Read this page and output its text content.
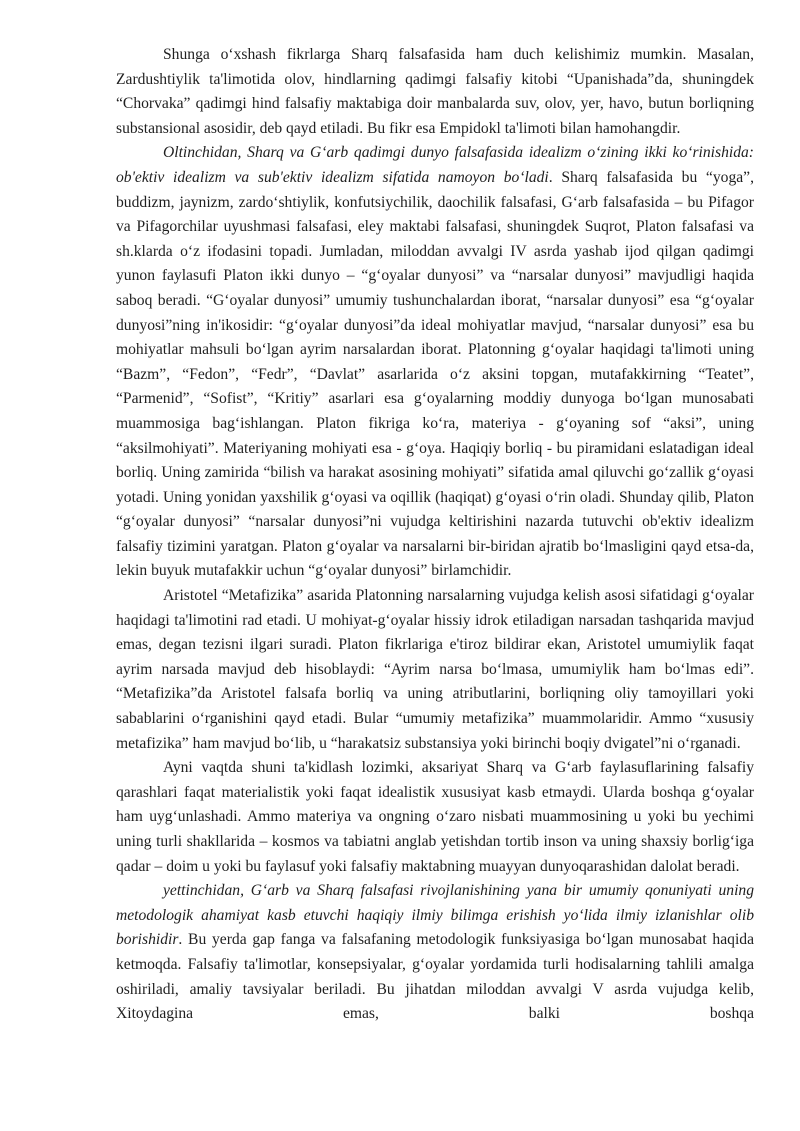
Shunga o‘xshash fikrlarga Sharq falsafasida ham duch kelishimiz mumkin. Masalan, Zardushtiylik ta'limotida olov, hindlarning qadimgi falsafiy kitobi “Upanishada”da, shuningdek “Chorvaka” qadimgi hind falsafiy maktabiga doir manbalarda suv, olov, yer, havo, butun borliqning substansional asosidir, deb qayd etiladi. Bu fikr esa Empidokl ta'limoti bilan hamohangdir.

Oltinchidan, Sharq va G‘arb qadimgi dunyo falsafasida idealizm o‘zining ikki ko‘rinishida: ob'ektiv idealizm va sub'ektiv idealizm sifatida namoyon bo‘ladi. Sharq falsafasida bu “yoga”, buddizm, jaynizm, zardo‘shtiylik, konfutsiychilik, daochilik falsafasi, G‘arb falsafasida – bu Pifagor va Pifagorchilar uyushmasi falsafasi, eley maktabi falsafasi, shuningdek Suqrot, Platon falsafasi va sh.klarda o‘z ifodasini topadi. Jumladan, miloddan avvalgi IV asrda yashab ijod qilgan qadimgi yunon faylasufi Platon ikki dunyo – “g‘oyalar dunyosi” va “narsalar dunyosi” mavjudligi haqida saboq beradi. “G‘oyalar dunyosi” umumiy tushunchalardan iborat, “narsalar dunyosi” esa “g‘oyalar dunyosi”ning in'ikosidir: “g‘oyalar dunyosi”da ideal mohiyatlar mavjud, “narsalar dunyosi” esa bu mohiyatlar mahsuli bo‘lgan ayrim narsalardan iborat. Platonning g‘oyalar haqidagi ta'limoti uning “Bazm”, “Fedon”, “Fedr”, “Davlat” asarlarida o‘z aksini topgan, mutafakkirning “Teatet”, “Parmenid”, “Sofist”, “Kritiy” asarlari esa g‘oyalarning moddiy dunyoga bo‘lgan munosabati muammosiga bag‘ishlangan. Platon fikriga ko‘ra, materiya - g‘oyaning sof “aksi”, uning “aksilmohiyati”. Materiyaning mohiyati esa - g‘oya. Haqiqiy borliq - bu piramidani eslatadigan ideal borliq. Uning zamirida “bilish va harakat asosining mohiyati” sifatida amal qiluvchi go‘zallik g‘oyasi yotadi. Uning yonidan yaxshilik g‘oyasi va oqillik (haqiqat) g‘oyasi o‘rin oladi. Shunday qilib, Platon “g‘oyalar dunyosi” “narsalar dunyosi”ni vujudga keltirishini nazarda tutuvchi ob'ektiv idealizm falsafiy tizimini yaratgan. Platon g‘oyalar va narsalarni bir-biridan ajratib bo‘lmasligini qayd etsa-da, lekin buyuk mutafakkir uchun “g‘oyalar dunyosi” birlamchidir.

Aristotel “Metafizika” asarida Platonning narsalarning vujudga kelish asosi sifatidagi g‘oyalar haqidagi ta'limotini rad etadi. U mohiyat-g‘oyalar hissiy idrok etiladigan narsadan tashqarida mavjud emas, degan tezisni ilgari suradi. Platon fikrlariga e'tiroz bildirar ekan, Aristotel umumiylik faqat ayrim narsada mavjud deb hisoblaydi: “Ayrim narsa bo‘lmasa, umumiylik ham bo‘lmas edi”. “Metafizika”da Aristotel falsafa borliq va uning atributlarini, borliqning oliy tamoyillari yoki sabablarini o‘rganishini qayd etadi. Bular “umumiy metafizika” muammolaridir. Ammo “xususiy metafizika” ham mavjud bo‘lib, u “harakatsiz substansiya yoki birinchi boqiy dvigatel”ni o‘rganadi.

Ayni vaqtda shuni ta'kidlash lozimki, aksariyat Sharq va G‘arb faylasuflarining falsafiy qarashlari faqat materialistik yoki faqat idealistik xususiyat kasb etmaydi. Ularda boshqa g‘oyalar ham uyg‘unlashadi. Ammo materiya va ongning o‘zaro nisbati muammosining u yoki bu yechimi uning turli shakllarida – kosmos va tabiatni anglab yetishdan tortib inson va uning shaxsiy borlig‘iga qadar – doim u yoki bu faylasuf yoki falsafiy maktabning muayyan dunyoqarashidan dalolat beradi.

yettinchidan, G‘arb va Sharq falsafasi rivojlanishining yana bir umumiy qonuniyati uning metodologik ahamiyat kasb etuvchi haqiqiy ilmiy bilimga erishish yo‘lida ilmiy izlanishlar olib borishidir. Bu yerda gap fanga va falsafaning metodologik funksiyasiga bo‘lgan munosabat haqida ketmoqda. Falsafiy ta'limotlar, konsepsiyalar, g‘oyalar yordamida turli hodisalarning tahlili amalga oshiriladi, amaliy tavsiyalar beriladi. Bu jihatdan miloddan avvalgi V asrda vujudga kelib, Xitoydagina emas, balki boshqa
